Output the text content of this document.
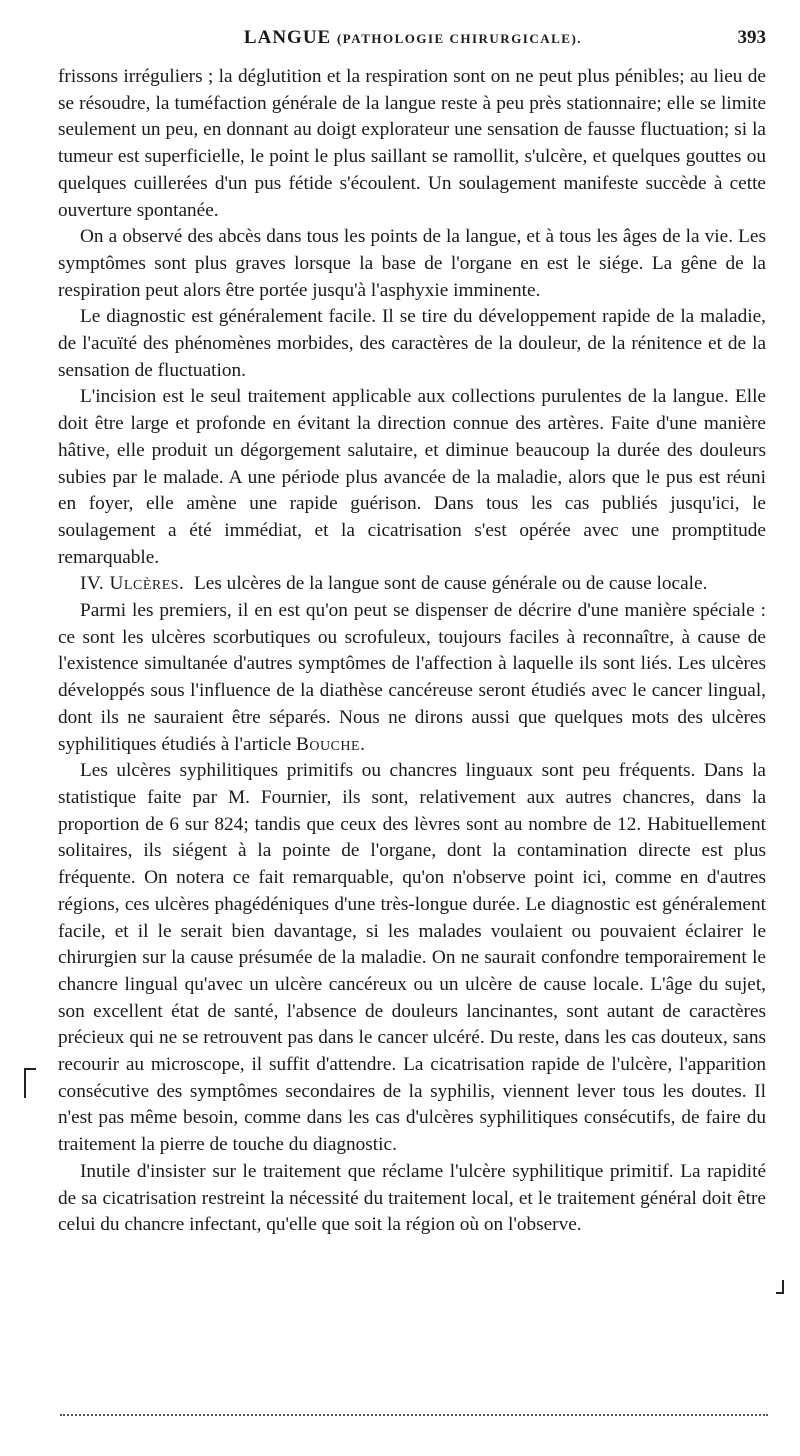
LANGUE (PATHOLOGIE CHIRURGICALE).	393

frissons irréguliers ; la déglutition et la respiration sont on ne peut plus pénibles; au lieu de se résoudre, la tuméfaction générale de la langue reste à peu près stationnaire; elle se limite seulement un peu, en donnant au doigt explorateur une sensation de fausse fluctuation; si la tumeur est superficielle, le point le plus saillant se ramollit, s'ulcère, et quelques gouttes ou quelques cuillerées d'un pus fétide s'écoulent. Un soulagement manifeste succède à cette ouverture spontanée.

On a observé des abcès dans tous les points de la langue, et à tous les âges de la vie. Les symptômes sont plus graves lorsque la base de l'organe en est le siége. La gêne de la respiration peut alors être portée jusqu'à l'asphyxie imminente.

Le diagnostic est généralement facile. Il se tire du développement rapide de la maladie, de l'acuïté des phénomènes morbides, des caractères de la douleur, de la rénitence et de la sensation de fluctuation.

L'incision est le seul traitement applicable aux collections purulentes de la langue. Elle doit être large et profonde en évitant la direction connue des artères. Faite d'une manière hâtive, elle produit un dégorgement salutaire, et diminue beaucoup la durée des douleurs subies par le malade. A une période plus avancée de la maladie, alors que le pus est réuni en foyer, elle amène une rapide guérison. Dans tous les cas publiés jusqu'ici, le soulagement a été immédiat, et la cicatrisation s'est opérée avec une promptitude remarquable.

IV. Ulcères. Les ulcères de la langue sont de cause générale ou de cause locale.

Parmi les premiers, il en est qu'on peut se dispenser de décrire d'une manière spéciale : ce sont les ulcères scorbutiques ou scrofuleux, toujours faciles à reconnaître, à cause de l'existence simultanée d'autres symptômes de l'affection à laquelle ils sont liés. Les ulcères développés sous l'influence de la diathèse cancéreuse seront étudiés avec le cancer lingual, dont ils ne sauraient être séparés. Nous ne dirons aussi que quelques mots des ulcères syphilitiques étudiés à l'article Bouche.

Les ulcères syphilitiques primitifs ou chancres linguaux sont peu fréquents. Dans la statistique faite par M. Fournier, ils sont, relativement aux autres chancres, dans la proportion de 6 sur 824; tandis que ceux des lèvres sont au nombre de 12. Habituellement solitaires, ils siégent à la pointe de l'organe, dont la contamination directe est plus fréquente. On notera ce fait remarquable, qu'on n'observe point ici, comme en d'autres régions, ces ulcères phagédéniques d'une très-longue durée. Le diagnostic est généralement facile, et il le serait bien davantage, si les malades voulaient ou pouvaient éclairer le chirurgien sur la cause présumée de la maladie. On ne saurait confondre temporairement le chancre lingual qu'avec un ulcère cancéreux ou un ulcère de cause locale. L'âge du sujet, son excellent état de santé, l'absence de douleurs lancinantes, sont autant de caractères précieux qui ne se retrouvent pas dans le cancer ulcéré. Du reste, dans les cas douteux, sans recourir au microscope, il suffit d'attendre. La cicatrisation rapide de l'ulcère, l'apparition consécutive des symptômes secondaires de la syphilis, viennent lever tous les doutes. Il n'est pas même besoin, comme dans les cas d'ulcères syphilitiques consécutifs, de faire du traitement la pierre de touche du diagnostic.

Inutile d'insister sur le traitement que réclame l'ulcère syphilitique primitif. La rapidité de sa cicatrisation restreint la nécessité du traitement local, et le traitement général doit être celui du chancre infectant, qu'elle que soit la région où on l'observe.
